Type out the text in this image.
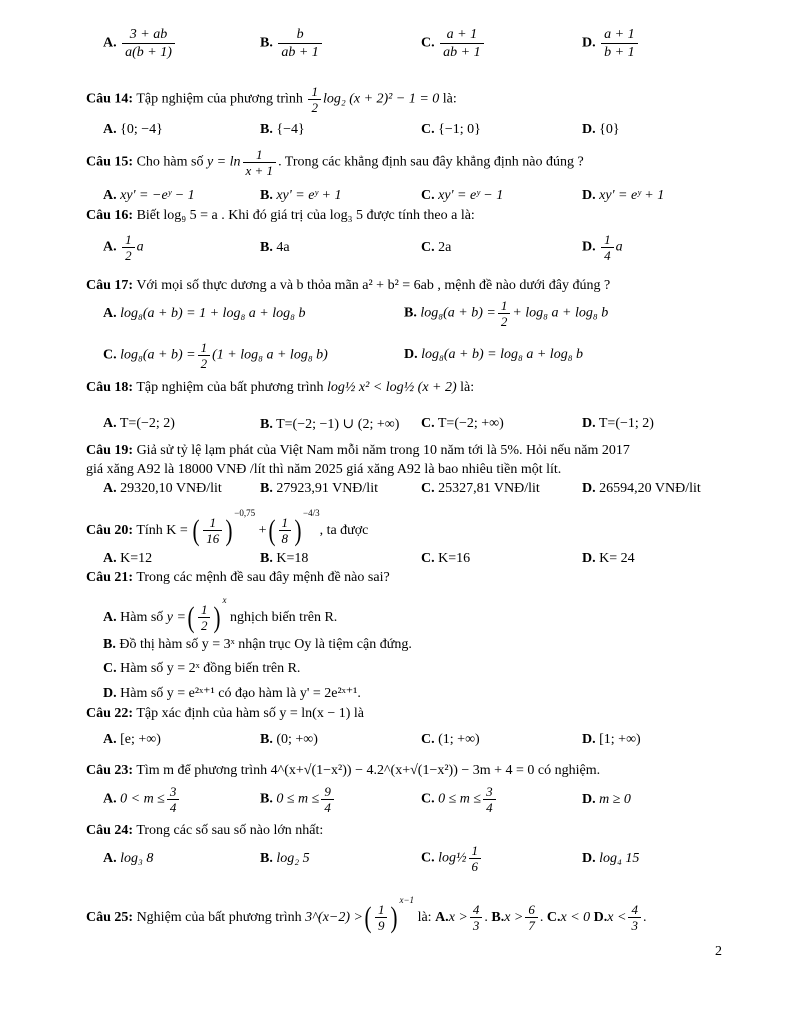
A. $\frac{3 + ab}{a(b + 1)}$	B. $\frac{b}{ab + 1}$	C. $\frac{a + 1}{ab + 1}$	D. $\frac{a + 1}{b + 1}$
Câu 14: Tập nghiệm của phương trình $\frac{1}{2} \log_2$ (x + 2)² − 1 = 0 là:
A. {0; −4}	B. {−4}	C. {−1; 0}	D. {0}
Câu 15: Cho hàm số $y = \ln \frac{1}{x + 1}$ . Trong các khẳng định sau đây khẳng định nào đúng ?
A. xy' = −eʸ − 1	B. xy' = eʸ + 1	C. xy' = eʸ − 1	D. xy' = eʸ + 1
Câu 16: Biết log₉ 5 = a . Khi đó giá trị của log₃ 5 được tính theo a là:
A. $\frac{1}{2}$ a	B. 4a	C. 2a	D. $\frac{1}{4}$ a
Câu 17: Với mọi số thực dương a và b thỏa mãn a² + b² = 6ab , mệnh đề nào dưới đây đúng ?
A. log₈(a + b) = 1 + log₈ a + log₈ b	B. $\log_8(a + b) = \frac{1}{2} + \log_8$ a + log₈ b
C. $\log_8(a + b) = \frac{1}{2} (1 + \log_8$ a + log₈ b)	D. log₈(a + b) = log₈ a + log₈ b
Câu 18: Tập nghiệm của bất phương trình log½ x² < log½ (x + 2) là:
A. T=(−2; 2)	B. T=(−2; −1) ∪ (2; +∞) C. T=(−2; +∞)	D. T=(−1; 2)
Câu 19: Giả sử tỷ lệ lạm phát của Việt Nam mỗi năm trong 10 năm tới là 5%. Hỏi nếu năm 2017
giá xăng A92 là 18000 VNĐ /lít thì năm 2025 giá xăng A92 là bao nhiêu tiền một lít.
A. 29320,10 VNĐ/lit	B. 27923,91 VNĐ/lit	C. 25327,81 VNĐ/lit	D. 26594,20 VNĐ/lit
Câu 20: Tính K = ( $\frac{1}{16} )^{-0,75}$ +( $\frac{1}{8} )^{-4/3}$, ta được
A. K=12	B. K=18	C. K=16	D. K= 24
Câu 21: Trong các mệnh đề sau đây mệnh đề nào sai?
A. Hàm số y =( $\frac{1}{2} )^x$ nghịch biến trên R.
B. Đồ thị hàm số y = 3ˣ nhận trục Oy là tiệm cận đứng.
C. Hàm số y = 2ˣ đồng biến trên R.
D. Hàm số y = e²ˣ⁺¹ có đạo hàm là y' = 2e²ˣ⁺¹.
Câu 22: Tập xác định của hàm số y = ln(x − 1) là
A. [e; +∞)	B. (0; +∞)	C. (1; +∞)	D. [1; +∞)
Câu 23: Tìm m để phương trình 4^(x+√(1−x²)) − 4.2^(x+√(1−x²)) − 3m + 4 = 0 có nghiệm.
A. $0 < m \le \frac{3}{4}$	B. $0 \le m \le \frac{9}{4}$	C. $0 \le m \le \frac{3}{4}$	D. m ≥ 0
Câu 24: Trong các số sau số nào lớn nhất:
A. log₃ 8	B. log₂ 5	C. log½ $\frac{1}{6}$	D. log₄ 15
Câu 25: Nghiệm của bất phương trình 3^(x−2) >( $\frac{1}{9} )^{x-1}$ là: $A.x > \frac{4}{3}$ . $B.x > \frac{6}{7}$ . C.x < 0 $D.x < \frac{4}{3}$ .
2
